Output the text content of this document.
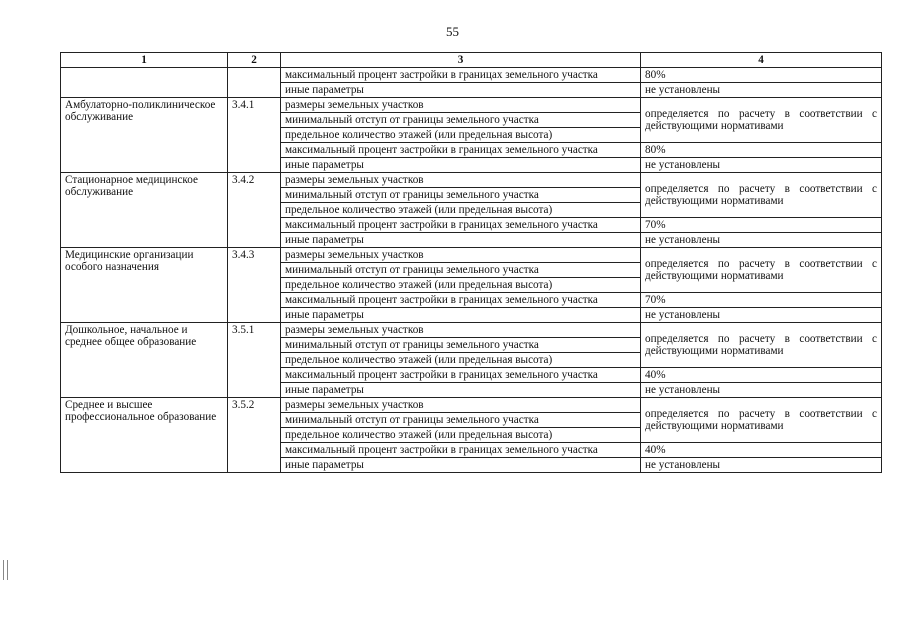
55
1	2	3	4
		максимальный процент застройки в границах земельного участка	80%
		иные параметры	не установлены
Амбулаторно-поликлиническое обслуживание	3.4.1	размеры земельных участков	определяется по расчету в соответствии с действующими нормативами
		минимальный отступ от границы земельного участка	
		предельное количество этажей (или предельная высота)	
		максимальный процент застройки в границах земельного участка	80%
		иные параметры	не установлены
Стационарное медицинское обслуживание	3.4.2	размеры земельных участков	определяется по расчету в соответствии с действующими нормативами
		минимальный отступ от границы земельного участка	
		предельное количество этажей (или предельная высота)	
		максимальный процент застройки в границах земельного участка	70%
		иные параметры	не установлены
Медицинские организации особого назначения	3.4.3	размеры земельных участков	определяется по расчету в соответствии с действующими нормативами
		минимальный отступ от границы земельного участка	
		предельное количество этажей (или предельная высота)	
		максимальный процент застройки в границах земельного участка	70%
		иные параметры	не установлены
Дошкольное, начальное и среднее общее образование	3.5.1	размеры земельных участков	определяется по расчету в соответствии с действующими нормативами
		минимальный отступ от границы земельного участка	
		предельное количество этажей (или предельная высота)	
		максимальный процент застройки в границах земельного участка	40%
		иные параметры	не установлены
Среднее и высшее профессиональное образование	3.5.2	размеры земельных участков	определяется по расчету в соответствии с действующими нормативами
		минимальный отступ от границы земельного участка	
		предельное количество этажей (или предельная высота)	
		максимальный процент застройки в границах земельного участка	40%
		иные параметры	не установлены
